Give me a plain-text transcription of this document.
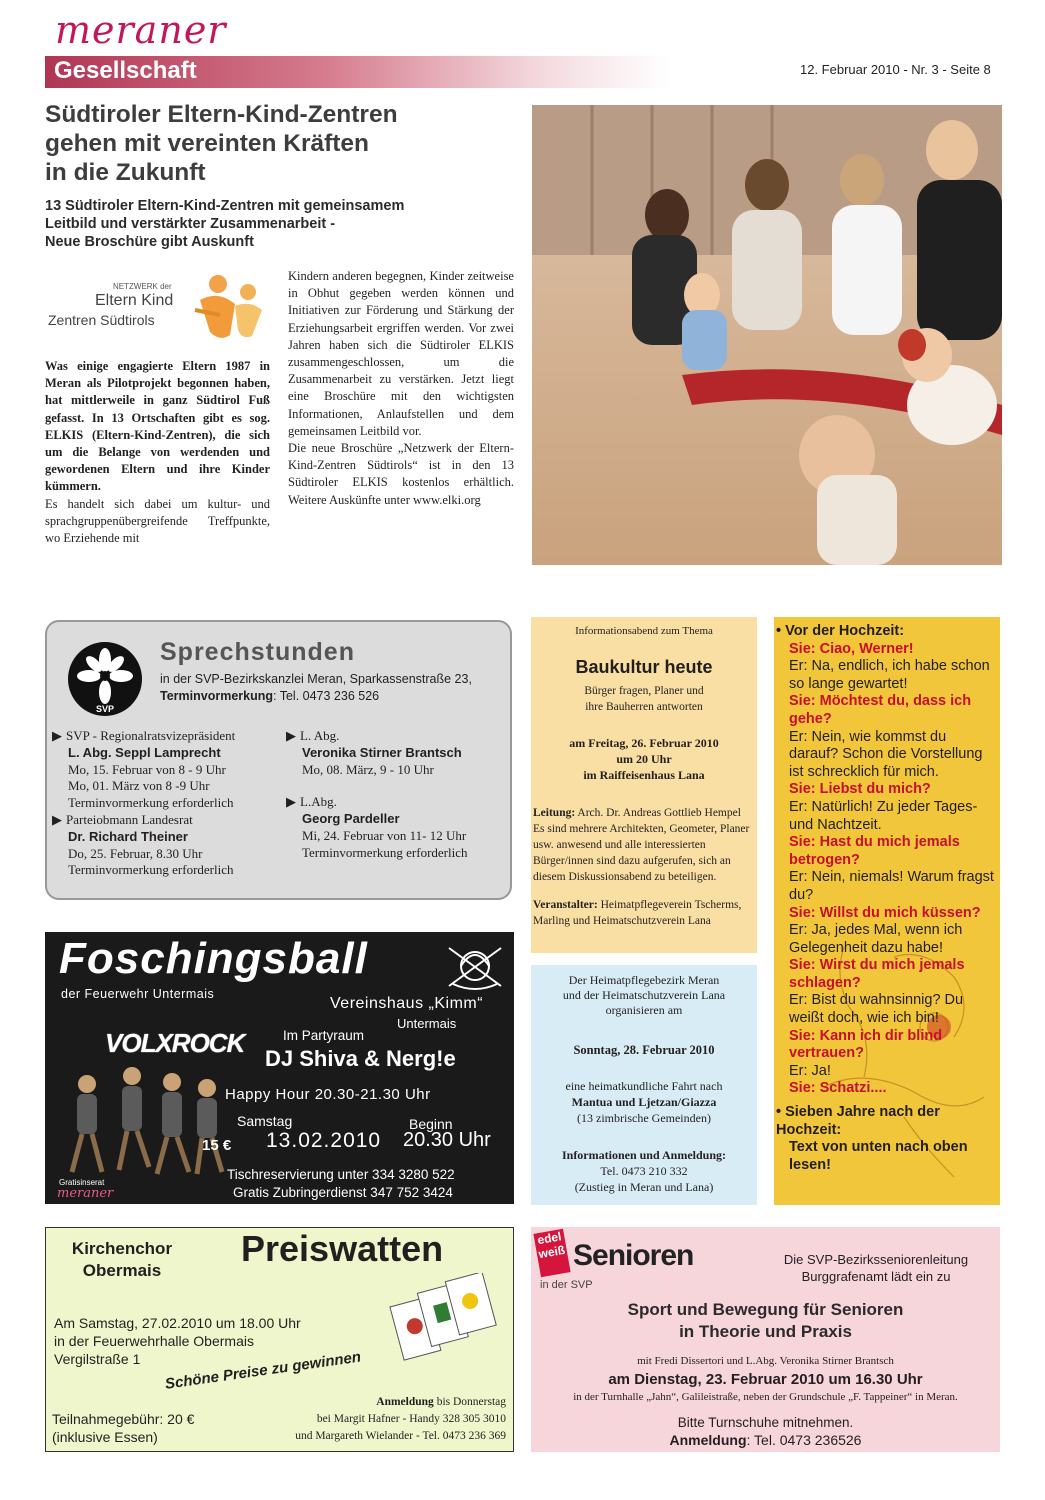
meraner
Gesellschaft	12. Februar 2010 - Nr. 3 - Seite 8
Südtiroler Eltern-Kind-Zentren
gehen mit vereinten Kräften
in die Zukunft
13 Südtiroler Eltern-Kind-Zentren mit gemeinsamem
Leitbild und verstärkter Zusammenarbeit -
Neue Broschüre gibt Auskunft
NETZWERK der
Eltern Kind
Zentren Südtirols
Was einige engagierte Eltern 1987 in Meran als Pilotprojekt begonnen haben, hat mittlerweile in ganz Südtirol Fuß gefasst. In 13 Ortschaften gibt es sog. ELKIS (Eltern-Kind-Zentren), die sich um die Belange von werdenden und gewordenen Eltern und ihre Kinder kümmern.
Es handelt sich dabei um kultur- und sprachgruppenübergreifende Treffpunkte, wo Erziehende mit
Kindern anderen begegnen, Kinder zeitweise in Obhut gegeben werden können und Initiativen zur Förderung und Stärkung der Erziehungsarbeit ergriffen werden. Vor zwei Jahren haben sich die Südtiroler ELKIS zusammengeschlossen, um die Zusammenarbeit zu verstärken. Jetzt liegt eine Broschüre mit den wichtigsten Informationen, Anlaufstellen und dem gemeinsamen Leitbild vor.
Die neue Broschüre „Netzwerk der Eltern-Kind-Zentren Südtirols“ ist in den 13 Südtiroler ELKIS kostenlos erhältlich. Weitere Auskünfte unter www.elki.org
SVP
Sprechstunden
in der SVP-Bezirkskanzlei Meran, Sparkassenstraße 23,
Terminvormerkung: Tel. 0473 236 526
▶ SVP - Regionalratsvizepräsident
L. Abg. Seppl Lamprecht
Mo, 15. Februar von 8 - 9 Uhr
Mo, 01. März von 8 -9 Uhr
Terminvormerkung erforderlich
▶ Parteiobmann Landesrat
Dr. Richard Theiner
Do, 25. Februar, 8.30 Uhr
Terminvormerkung erforderlich
▶ L. Abg.
Veronika Stirner Brantsch
Mo, 08. März, 9 - 10 Uhr
▶ L.Abg.
Georg Pardeller
Mi, 24. Februar von 11- 12 Uhr
Terminvormerkung erforderlich
Foschingsball
der Feuerwehr Untermais
Vereinshaus „Kimm“
Untermais
VOLXROCK	Im Partyraum
DJ Shiva & Nerg!e
Happy Hour 20.30-21.30 Uhr
Samstag	Beginn
15 € 13.02.2010 20.30 Uhr
Tischreservierung unter 334 3280 522
Gratis Zubringerdienst 347 752 3424
Gratisinserat
meraner
Informationsabend zum Thema
Baukultur heute
Bürger fragen, Planer und
ihre Bauherren antworten
am Freitag, 26. Februar 2010
um 20 Uhr
im Raiffeisenhaus Lana
Leitung: Arch. Dr. Andreas Gottlieb Hempel
Es sind mehrere Architekten, Geometer, Planer usw. anwesend und alle interessierten Bürger/innen sind dazu aufgerufen, sich an diesem Diskussionsabend zu beteiligen.
Veranstalter: Heimatpflegeverein Tscherms, Marling und Heimatschutzverein Lana
Der Heimatpflegebezirk Meran
und der Heimatschutzverein Lana
organisieren am
Sonntag, 28. Februar 2010
eine heimatkundliche Fahrt nach
Mantua und Ljetzan/Giazza
(13 zimbrische Gemeinden)
Informationen und Anmeldung:
Tel. 0473 210 332
(Zustieg in Meran und Lana)
• Vor der Hochzeit:
Sie: Ciao, Werner!
Er: Na, endlich, ich habe schon so lange gewartet!
Sie: Möchtest du, dass ich gehe?
Er: Nein, wie kommst du darauf? Schon die Vorstellung ist schrecklich für mich.
Sie: Liebst du mich?
Er: Natürlich! Zu jeder Tages- und Nachtzeit.
Sie: Hast du mich jemals betrogen?
Er: Nein, niemals! Warum fragst du?
Sie: Willst du mich küssen?
Er: Ja, jedes Mal, wenn ich Gelegenheit dazu habe!
Sie: Wirst du mich jemals schlagen?
Er: Bist du wahnsinnig? Du weißt doch, wie ich bin!
Sie: Kann ich dir blind vertrauen?
Er: Ja!
Sie: Schatzi....
• Sieben Jahre nach der Hochzeit:
Text von unten nach oben lesen!
Kirchenchor
Obermais
Preiswatten
Am Samstag, 27.02.2010 um 18.00 Uhr
in der Feuerwehrhalle Obermais
Vergilstraße 1	Schöne Preise zu gewinnen
Teilnahmegebühr: 20 €
(inklusive Essen)
Anmeldung bis Donnerstag
bei Margit Hafner - Handy 328 305 3010
und Margareth Wielander - Tel. 0473 236 369
edel
weiß Senioren
in der SVP
Die SVP-Bezirksseniorenleitung
Burggrafenamt lädt ein zu
Sport und Bewegung für Senioren
in Theorie und Praxis
mit Fredi Dissertori und L.Abg. Veronika Stirner Brantsch
am Dienstag, 23. Februar 2010 um 16.30 Uhr
in der Turnhalle „Jahn“, Galileistraße, neben der Grundschule „F. Tappeiner“ in Meran.
Bitte Turnschuhe mitnehmen.
Anmeldung: Tel. 0473 236526
